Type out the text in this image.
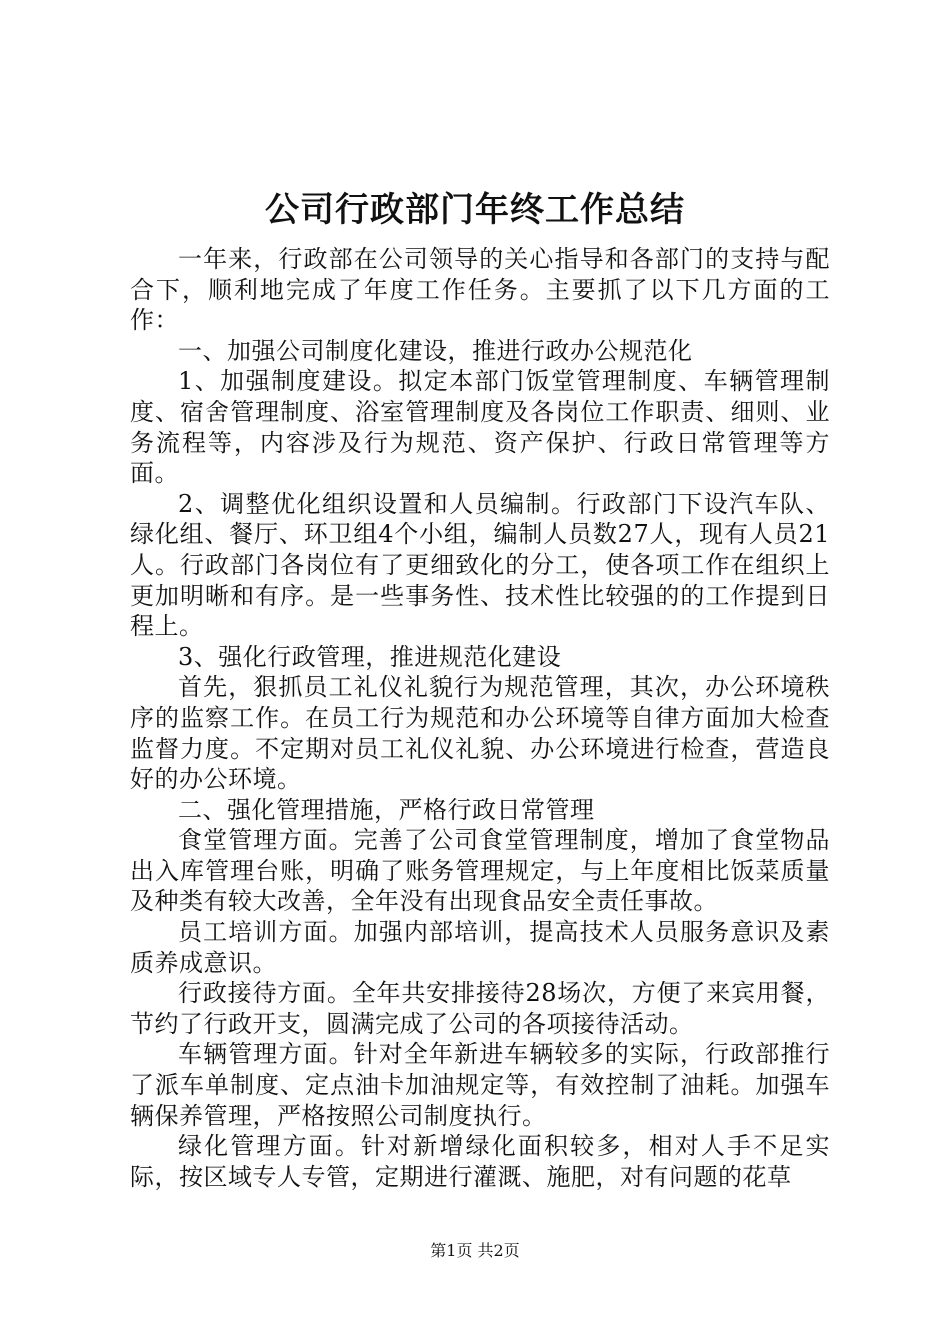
公司行政部门年终工作总结

一年来，行政部在公司领导的关心指导和各部门的支持与配合下，顺利地完成了年度工作任务。主要抓了以下几方面的工作：

一、加强公司制度化建设，推进行政办公规范化

1、加强制度建设。拟定本部门饭堂管理制度、车辆管理制度、宿舍管理制度、浴室管理制度及各岗位工作职责、细则、业务流程等，内容涉及行为规范、资产保护、行政日常管理等方面。

2、调整优化组织设置和人员编制。行政部门下设汽车队、绿化组、餐厅、环卫组4个小组，编制人员数27人，现有人员21人。行政部门各岗位有了更细致化的分工，使各项工作在组织上更加明晰和有序。是一些事务性、技术性比较强的的工作提到日程上。

3、强化行政管理，推进规范化建设

首先，狠抓员工礼仪礼貌行为规范管理，其次，办公环境秩序的监察工作。在员工行为规范和办公环境等自律方面加大检查监督力度。不定期对员工礼仪礼貌、办公环境进行检查，营造良好的办公环境。

二、强化管理措施，严格行政日常管理

食堂管理方面。完善了公司食堂管理制度，增加了食堂物品出入库管理台账，明确了账务管理规定，与上年度相比饭菜质量及种类有较大改善，全年没有出现食品安全责任事故。

员工培训方面。加强内部培训，提高技术人员服务意识及素质养成意识。

行政接待方面。全年共安排接待28场次，方便了来宾用餐，节约了行政开支，圆满完成了公司的各项接待活动。

车辆管理方面。针对全年新进车辆较多的实际，行政部推行了派车单制度、定点油卡加油规定等，有效控制了油耗。加强车辆保养管理，严格按照公司制度执行。

绿化管理方面。针对新增绿化面积较多，相对人手不足实际，按区域专人专管，定期进行灌溉、施肥，对有问题的花草

第1页 共2页
